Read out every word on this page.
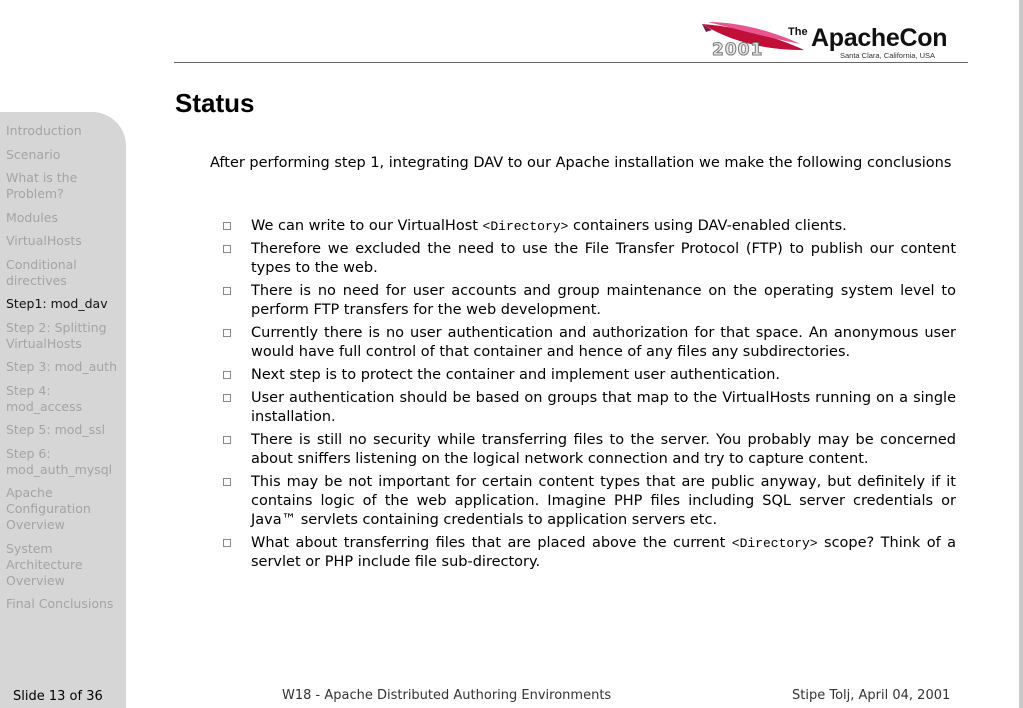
2001
The ApacheCon
Santa Clara, California, USA
Introduction
Scenario
What is the Problem?
Modules
VirtualHosts
Conditional directives
Step1: mod_dav
Step 2: Splitting VirtualHosts
Step 3: mod_auth
Step 4: mod_access
Step 5: mod_ssl
Step 6: mod_auth_mysql
Apache Configuration Overview
System Architecture Overview
Final Conclusions
Slide 13 of 36
Status

After performing step 1, integrating DAV to our Apache installation we make the following conclusions

We can write to our VirtualHost <Directory> containers using DAV-enabled clients.
Therefore we excluded the need to use the File Transfer Protocol (FTP) to publish our content types to the web.
There is no need for user accounts and group maintenance on the operating system level to perform FTP transfers for the web development.
Currently there is no user authentication and authorization for that space. An anonymous user would have full control of that container and hence of any files any subdirectories.
Next step is to protect the container and implement user authentication.
User authentication should be based on groups that map to the VirtualHosts running on a single installation.
There is still no security while transferring files to the server. You probably may be concerned about sniffers listening on the logical network connection and try to capture content.
This may be not important for certain content types that are public anyway, but definitely if it contains logic of the web application. Imagine PHP files including SQL server credentials or Java™ servlets containing credentials to application servers etc.
What about transferring files that are placed above the current <Directory> scope? Think of a servlet or PHP include file sub-directory.
W18 - Apache Distributed Authoring Environments	Stipe Tolj, April 04, 2001
